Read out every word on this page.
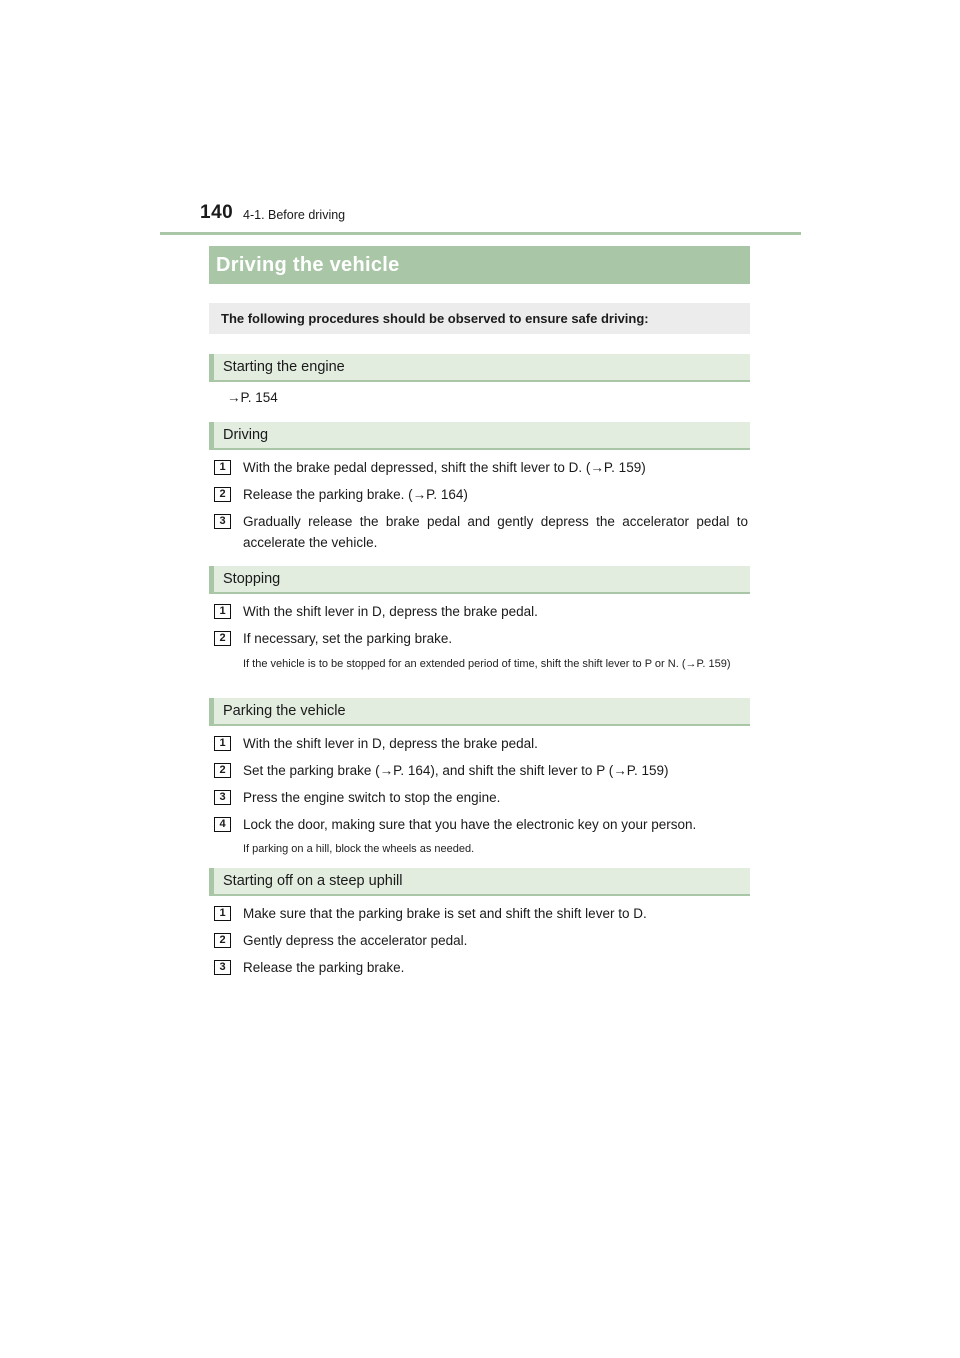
140 4-1. Before driving
Driving the vehicle
The following procedures should be observed to ensure safe driving:
Starting the engine
→P. 154
Driving
1	With the brake pedal depressed, shift the shift lever to D. (→P. 159)
2	Release the parking brake. (→P. 164)
3	Gradually release the brake pedal and gently depress the accelerator pedal to accelerate the vehicle.
Stopping
1	With the shift lever in D, depress the brake pedal.
2	If necessary, set the parking brake.
If the vehicle is to be stopped for an extended period of time, shift the shift lever to P or N. (→P. 159)
Parking the vehicle
1	With the shift lever in D, depress the brake pedal.
2	Set the parking brake (→P. 164), and shift the shift lever to P (→P. 159)
3	Press the engine switch to stop the engine.
4	Lock the door, making sure that you have the electronic key on your person.
If parking on a hill, block the wheels as needed.
Starting off on a steep uphill
1	Make sure that the parking brake is set and shift the shift lever to D.
2	Gently depress the accelerator pedal.
3	Release the parking brake.
